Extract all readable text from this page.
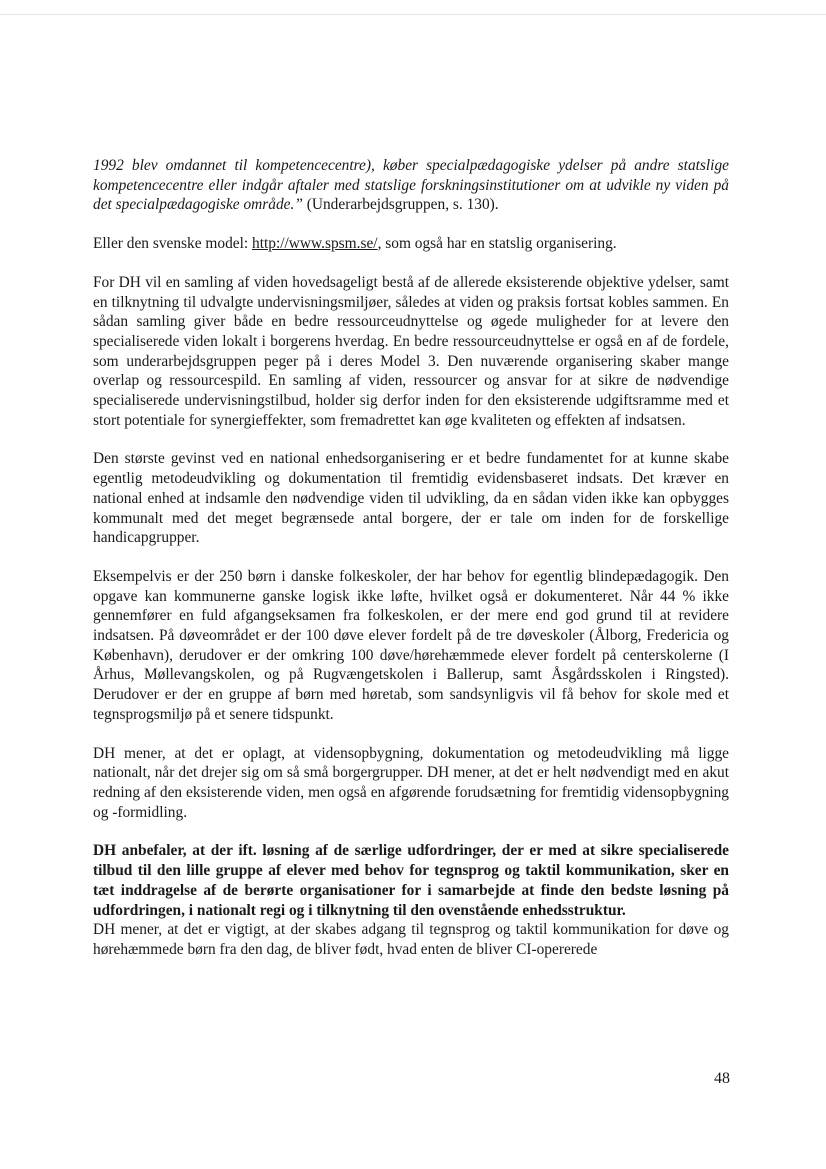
1992 blev omdannet til kompetencecentre), køber specialpædagogiske ydelser på andre statslige kompetencecentre eller indgår aftaler med statslige forskningsinstitutioner om at udvikle ny viden på det specialpædagogiske område.” (Underarbejdsgruppen, s. 130).

Eller den svenske model: http://www.spsm.se/, som også har en statslig organisering.

For DH vil en samling af viden hovedsageligt bestå af de allerede eksisterende objektive ydelser, samt en tilknytning til udvalgte undervisningsmiljøer, således at viden og praksis fortsat kobles sammen. En sådan samling giver både en bedre ressourceudnyttelse og øgede muligheder for at levere den specialiserede viden lokalt i borgerens hverdag. En bedre ressourceudnyttelse er også en af de fordele, som underarbejdsgruppen peger på i deres Model 3. Den nuværende organisering skaber mange overlap og ressourcespild. En samling af viden, ressourcer og ansvar for at sikre de nødvendige specialiserede undervisningstilbud, holder sig derfor inden for den eksisterende udgiftsramme med et stort potentiale for synergieffekter, som fremadrettet kan øge kvaliteten og effekten af indsatsen.

Den største gevinst ved en national enhedsorganisering er et bedre fundamentet for at kunne skabe egentlig metodeudvikling og dokumentation til fremtidig evidensbaseret indsats. Det kræver en national enhed at indsamle den nødvendige viden til udvikling, da en sådan viden ikke kan opbygges kommunalt med det meget begrænsede antal borgere, der er tale om inden for de forskellige handicapgrupper.

Eksempelvis er der 250 børn i danske folkeskoler, der har behov for egentlig blindepædagogik. Den opgave kan kommunerne ganske logisk ikke løfte, hvilket også er dokumenteret. Når 44 % ikke gennemfører en fuld afgangseksamen fra folkeskolen, er der mere end god grund til at revidere indsatsen. På døveområdet er der 100 døve elever fordelt på de tre døveskoler (Ålborg, Fredericia og København), derudover er der omkring 100 døve/hørehæmmede elever fordelt på centerskolerne (I Århus, Møllevangskolen, og på Rugvængetskolen i Ballerup, samt Åsgårdsskolen i Ringsted). Derudover er der en gruppe af børn med høretab, som sandsynligvis vil få behov for skole med et tegnsprogsmiljø på et senere tidspunkt.

DH mener, at det er oplagt, at vidensopbygning, dokumentation og metodeudvikling må ligge nationalt, når det drejer sig om så små borgergrupper. DH mener, at det er helt nødvendigt med en akut redning af den eksisterende viden, men også en afgørende forudsætning for fremtidig vidensopbygning og -formidling.

DH anbefaler, at der ift. løsning af de særlige udfordringer, der er med at sikre specialiserede tilbud til den lille gruppe af elever med behov for tegnsprog og taktil kommunikation, sker en tæt inddragelse af de berørte organisationer for i samarbejde at finde den bedste løsning på udfordringen, i nationalt regi og i tilknytning til den ovenstående enhedsstruktur.

DH mener, at det er vigtigt, at der skabes adgang til tegnsprog og taktil kommunikation for døve og hørehæmmede børn fra den dag, de bliver født, hvad enten de bliver CI-opererede

48
